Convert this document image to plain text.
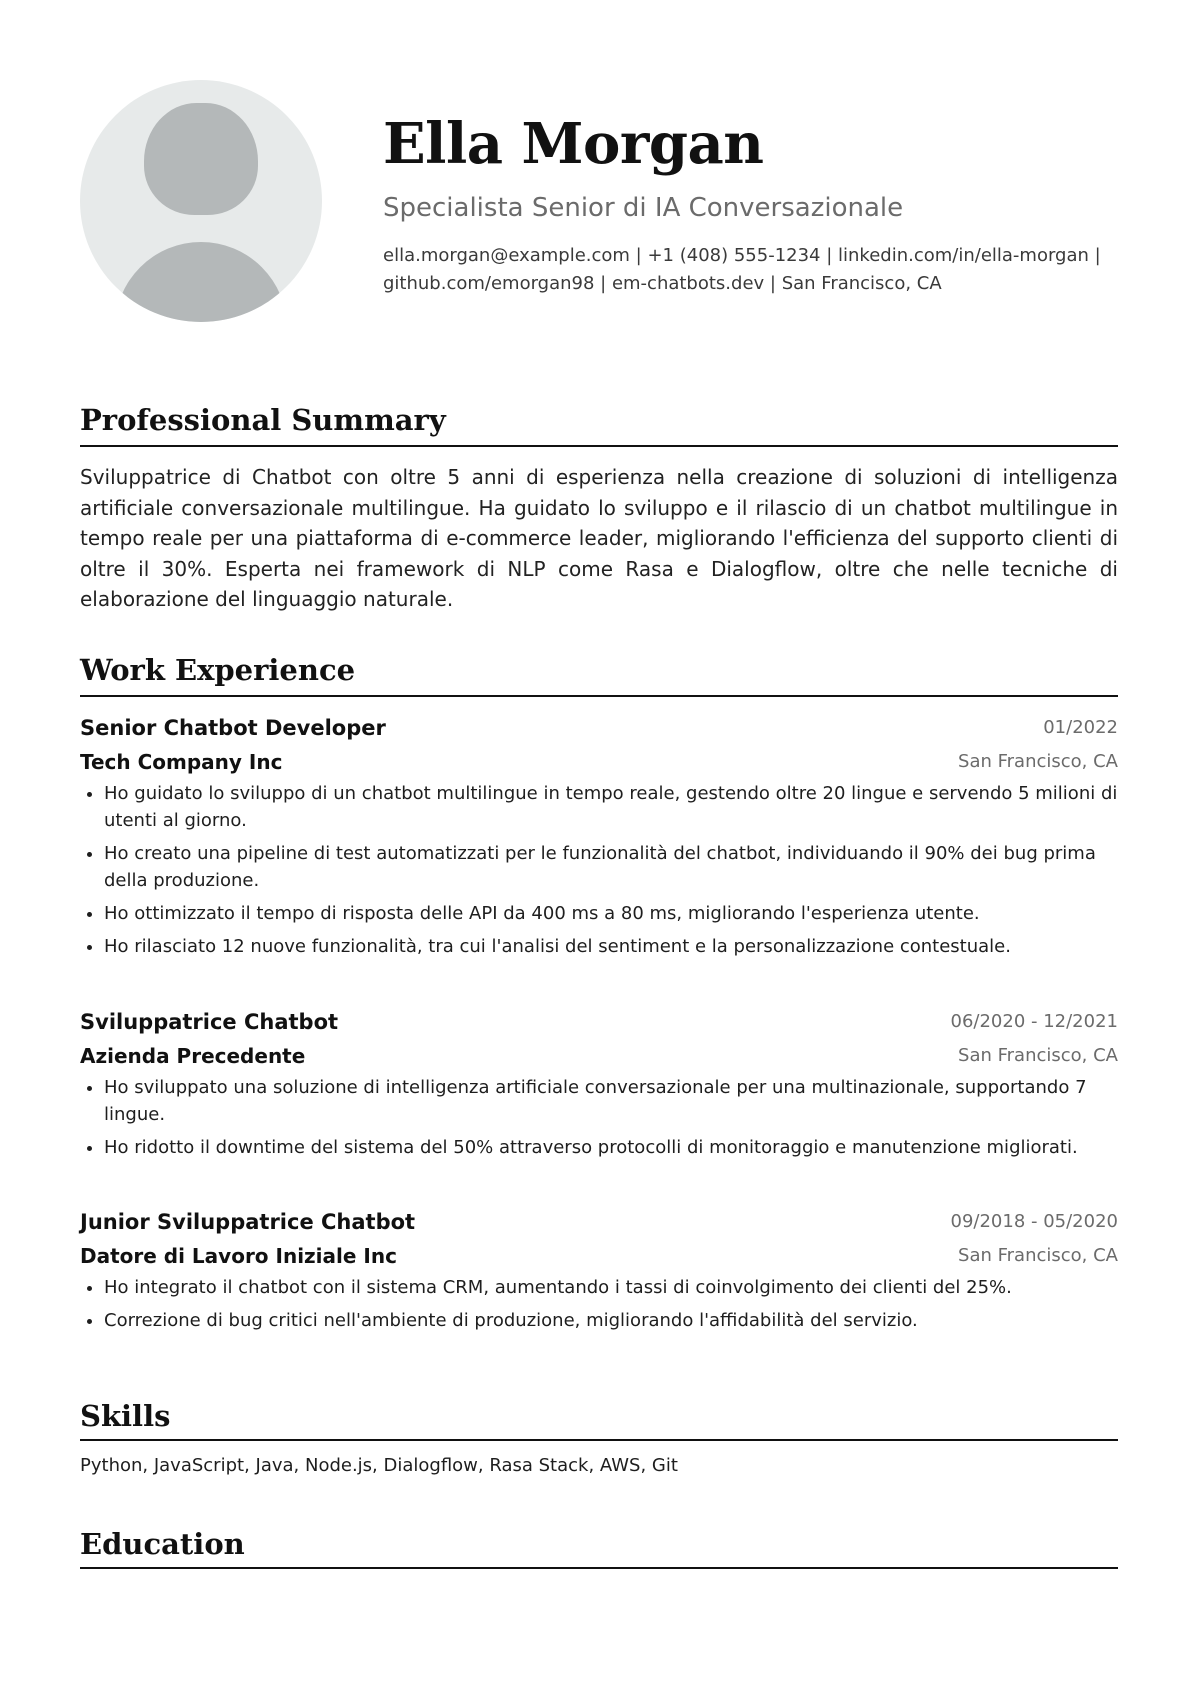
Ella Morgan

Specialista Senior di IA Conversazionale

ella.morgan@example.com | +1 (408) 555-1234 | linkedin.com/in/ella-morgan | github.com/emorgan98 | em-chatbots.dev | San Francisco, CA

Professional Summary

Sviluppatrice di Chatbot con oltre 5 anni di esperienza nella creazione di soluzioni di intelligenza artificiale conversazionale multilingue. Ha guidato lo sviluppo e il rilascio di un chatbot multilingue in tempo reale per una piattaforma di e-commerce leader, migliorando l'efficienza del supporto clienti di oltre il 30%. Esperta nei framework di NLP come Rasa e Dialogflow, oltre che nelle tecniche di elaborazione del linguaggio naturale.

Work Experience
Senior Chatbot Developer	01/2022
Tech Company Inc	San Francisco, CA
Ho guidato lo sviluppo di un chatbot multilingue in tempo reale, gestendo oltre 20 lingue e servendo 5 milioni di utenti al giorno.
Ho creato una pipeline di test automatizzati per le funzionalità del chatbot, individuando il 90% dei bug prima della produzione.
Ho ottimizzato il tempo di risposta delle API da 400 ms a 80 ms, migliorando l'esperienza utente.
Ho rilasciato 12 nuove funzionalità, tra cui l'analisi del sentiment e la personalizzazione contestuale.
Sviluppatrice Chatbot	06/2020 - 12/2021
Azienda Precedente	San Francisco, CA
Ho sviluppato una soluzione di intelligenza artificiale conversazionale per una multinazionale, supportando 7 lingue.
Ho ridotto il downtime del sistema del 50% attraverso protocolli di monitoraggio e manutenzione migliorati.
Junior Sviluppatrice Chatbot	09/2018 - 05/2020
Datore di Lavoro Iniziale Inc	San Francisco, CA
Ho integrato il chatbot con il sistema CRM, aumentando i tassi di coinvolgimento dei clienti del 25%.
Correzione di bug critici nell'ambiente di produzione, migliorando l'affidabilità del servizio.
Skills

Python, JavaScript, Java, Node.js, Dialogflow, Rasa Stack, AWS, Git

Education
